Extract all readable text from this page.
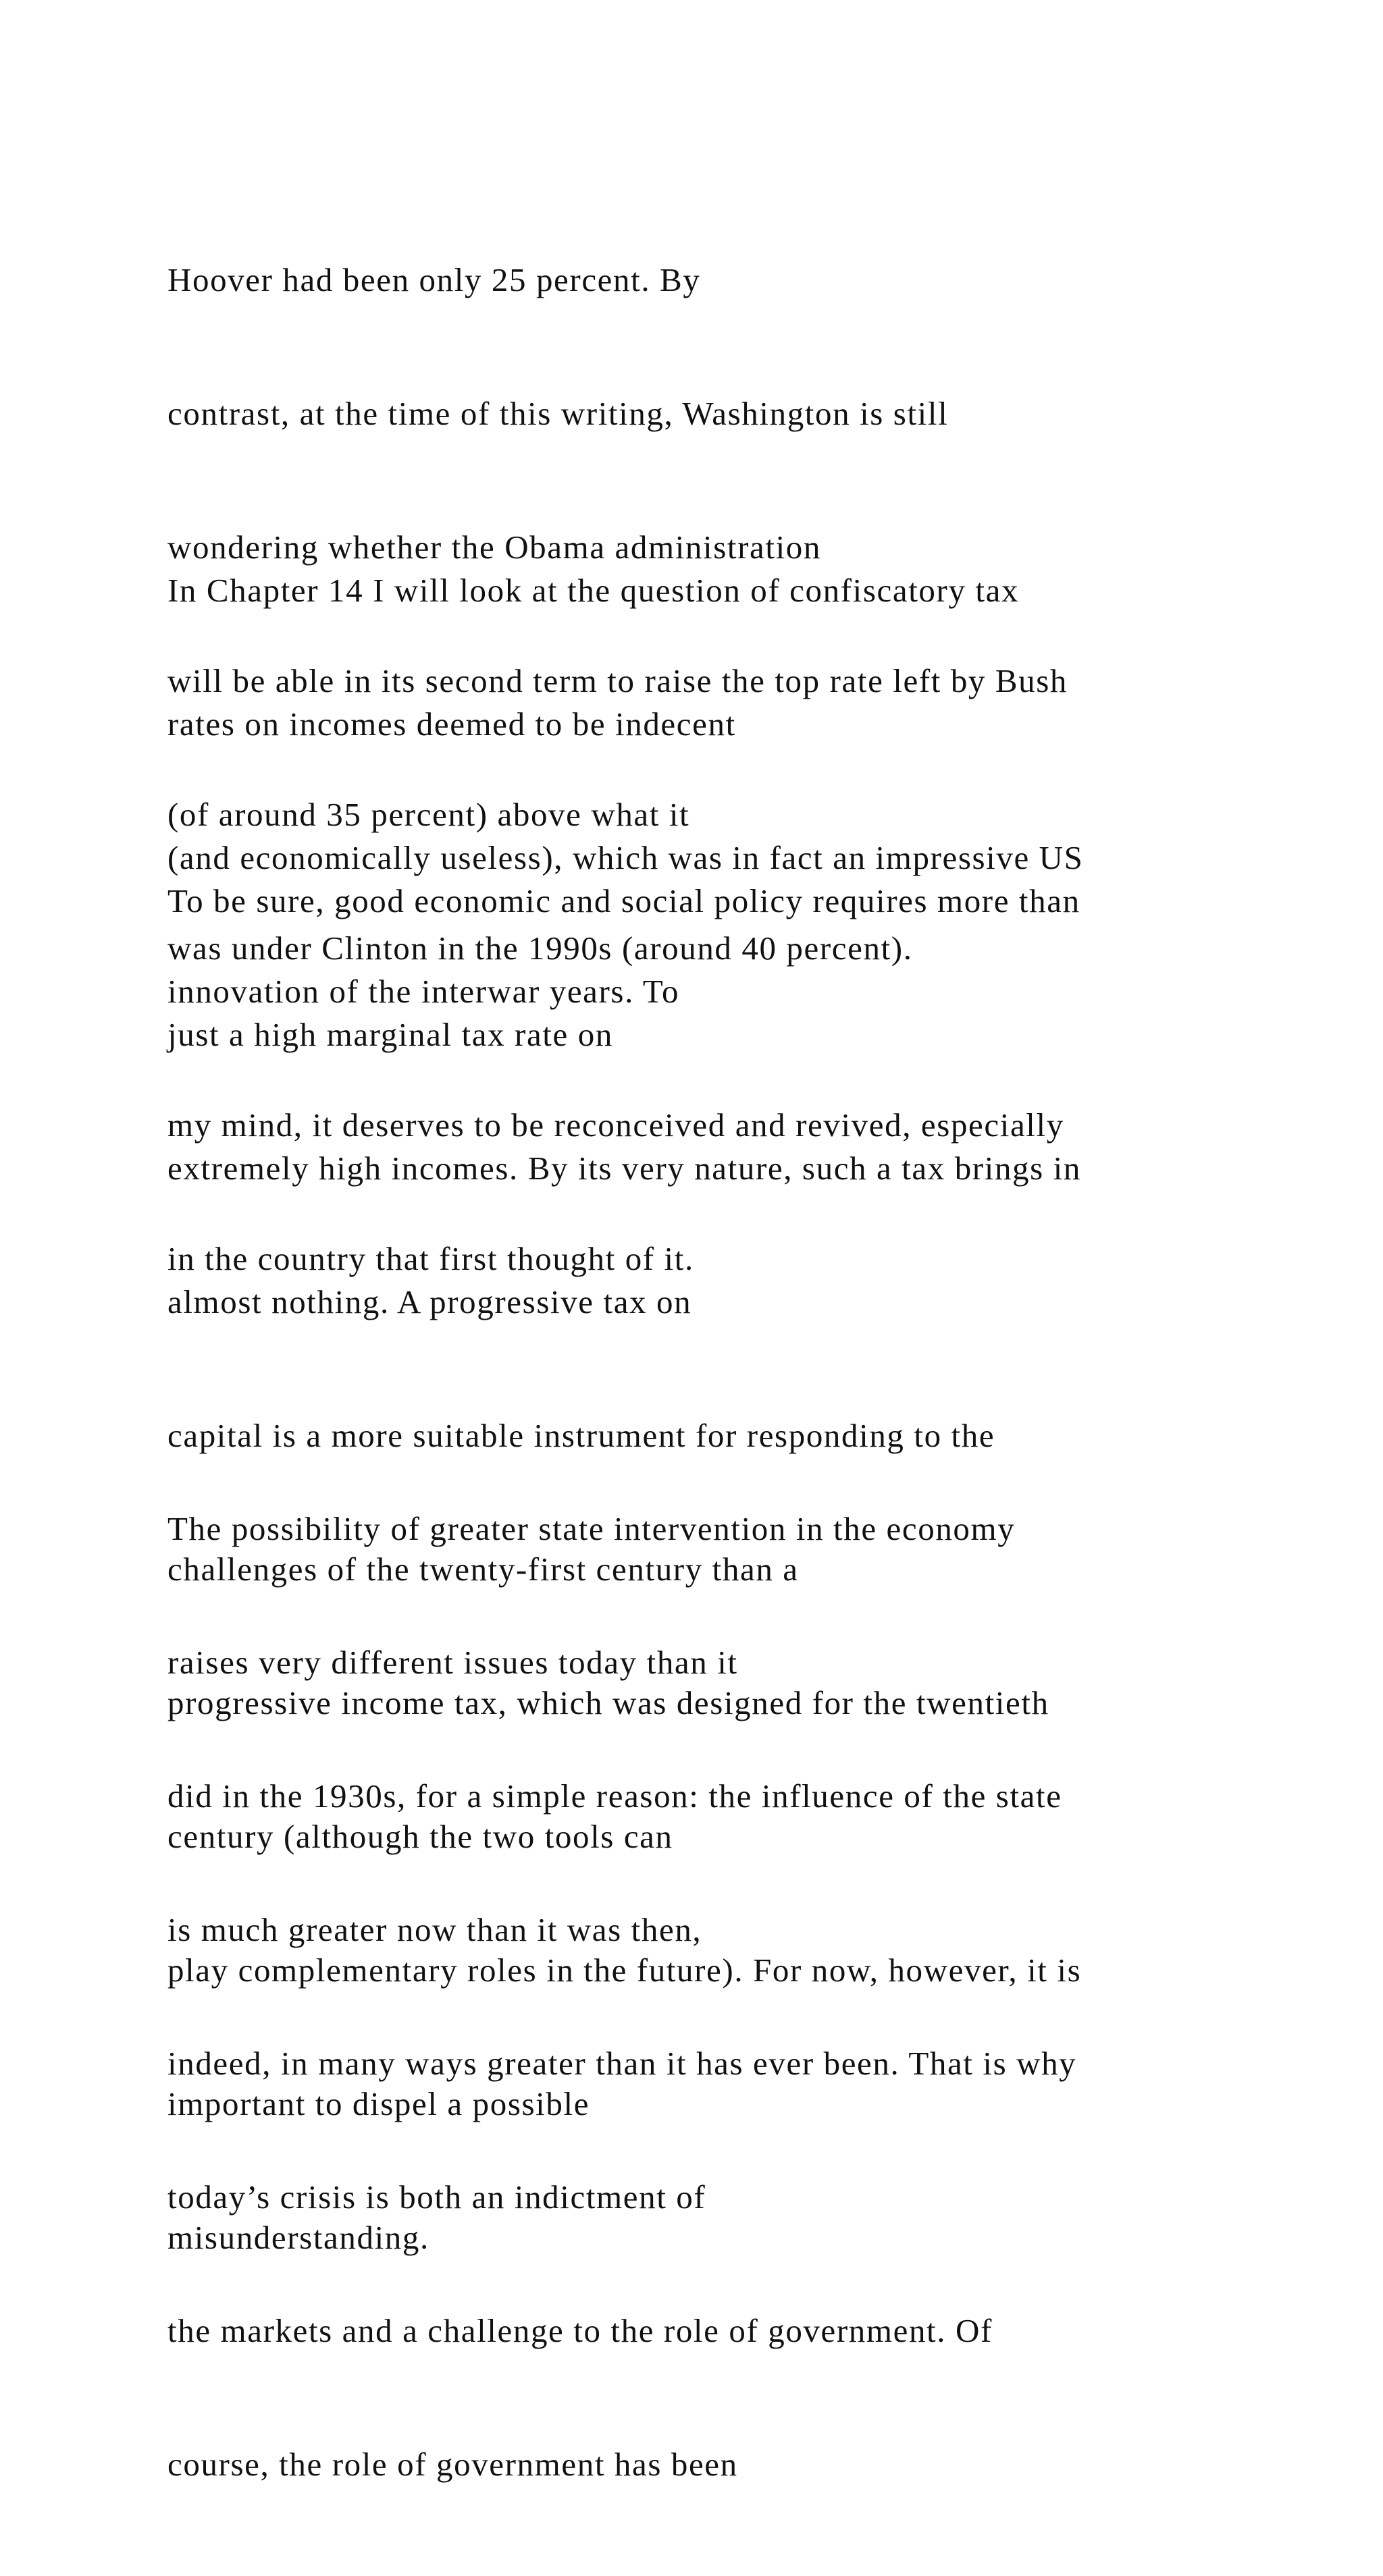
Hoover had been only 25 percent. By

contrast, at the time of this writing, Washington is still

wondering whether the Obama administration

will be able in its second term to raise the top rate left by Bush

(of around 35 percent) above what it

was under Clinton in the 1990s (around 40 percent).

In Chapter 14 I will look at the question of confiscatory tax

rates on incomes deemed to be indecent

(and economically useless), which was in fact an impressive US

innovation of the interwar years. To

my mind, it deserves to be reconceived and revived, especially

in the country that first thought of it.

To be sure, good economic and social policy requires more than

just a high marginal tax rate on

extremely high incomes. By its very nature, such a tax brings in

almost nothing. A progressive tax on

capital is a more suitable instrument for responding to the

challenges of the twenty-first century than a

progressive income tax, which was designed for the twentieth

century (although the two tools can

play complementary roles in the future). For now, however, it is

important to dispel a possible

misunderstanding.

The possibility of greater state intervention in the economy

raises very different issues today than it

did in the 1930s, for a simple reason: the influence of the state

is much greater now than it was then,

indeed, in many ways greater than it has ever been. That is why

today’s crisis is both an indictment of

the markets and a challenge to the role of government. Of

course, the role of government has been
